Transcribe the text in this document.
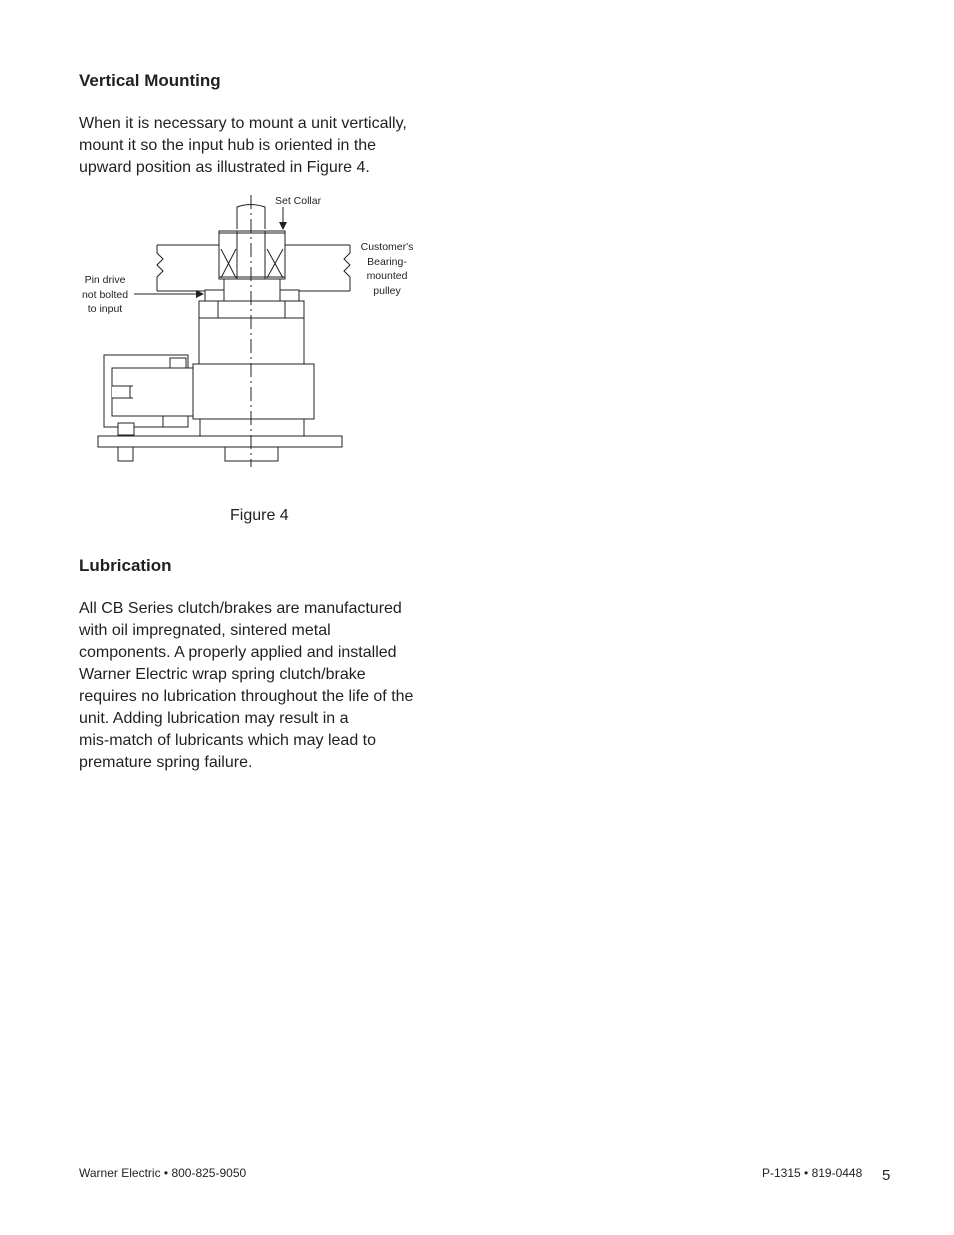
Vertical Mounting

When it is necessary to mount a unit vertically,
mount it so the input hub is oriented in the
upward position as illustrated in Figure 4.

Set Collar
Customer's
Bearing-
mounted
pulley
Pin drive
not bolted
to input
Figure 4
Lubrication

All CB Series clutch/brakes are manufactured
with oil impregnated, sintered metal
components. A properly applied and installed
Warner Electric wrap spring clutch/brake
requires no lubrication throughout the life of the
unit. Adding lubrication may result in a
mis-match of lubricants which may lead to
premature spring failure.

Warner Electric • 800-825-9050	P-1315 • 819-0448 5
